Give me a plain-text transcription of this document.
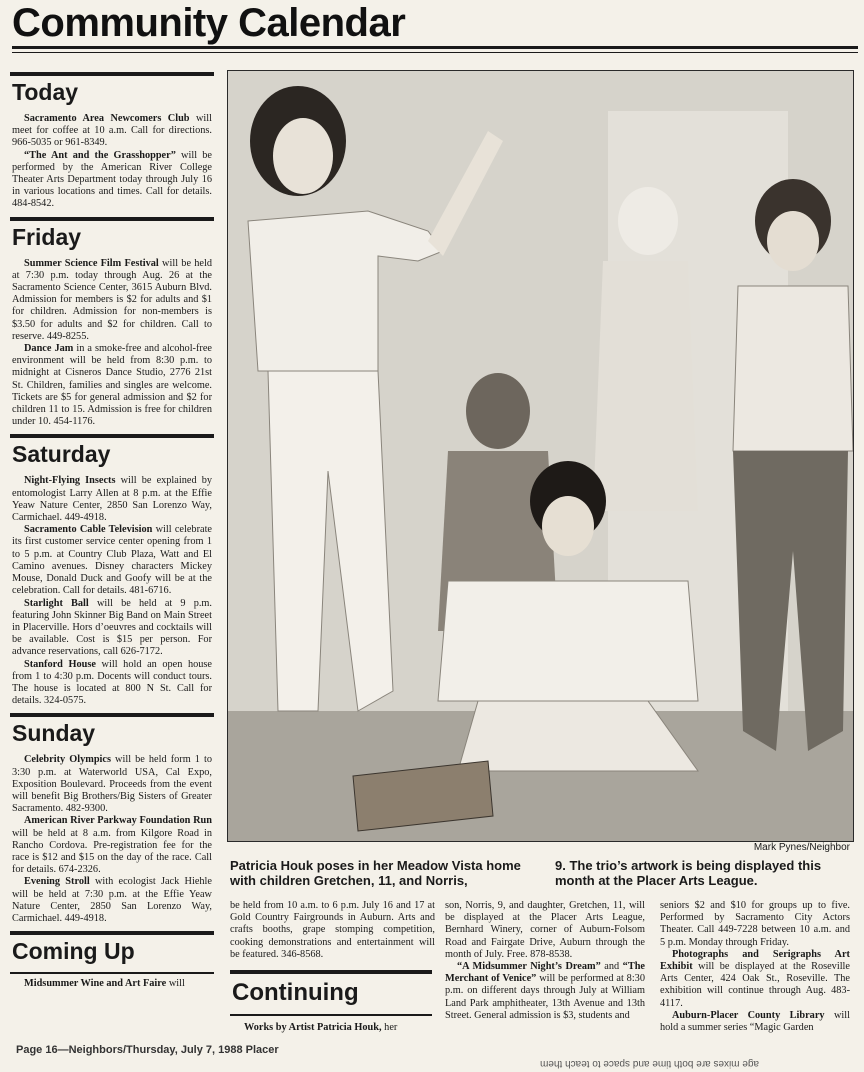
Community Calendar
Today
Sacramento Area Newcomers Club will meet for coffee at 10 a.m. Call for directions. 966-5035 or 961-8349.
“The Ant and the Grasshopper” will be performed by the American River College Theater Arts Department today through July 16 in various locations and times. Call for details. 484-8542.
Friday
Summer Science Film Festival will be held at 7:30 p.m. today through Aug. 26 at the Sacramento Science Center, 3615 Auburn Blvd. Admission for members is $2 for adults and $1 for children. Admission for non-members is $3.50 for adults and $2 for children. Call to reserve. 449-8255.
Dance Jam in a smoke-free and alcohol-free environment will be held from 8:30 p.m. to midnight at Cisneros Dance Studio, 2776 21st St. Children, families and singles are welcome. Tickets are $5 for general admission and $2 for children 11 to 15. Admission is free for children under 10. 454-1176.
Saturday
Night-Flying Insects will be explained by entomologist Larry Allen at 8 p.m. at the Effie Yeaw Nature Center, 2850 San Lorenzo Way, Carmichael. 449-4918.
Sacramento Cable Television will celebrate its first customer service center opening from 1 to 5 p.m. at Country Club Plaza, Watt and El Camino avenues. Disney characters Mickey Mouse, Donald Duck and Goofy will be at the celebration. Call for details. 481-6716.
Starlight Ball will be held at 9 p.m. featuring John Skinner Big Band on Main Street in Placerville. Hors d’oeuvres and cocktails will be available. Cost is $15 per person. For advance reservations, call 626-7172.
Stanford House will hold an open house from 1 to 4:30 p.m. Docents will conduct tours. The house is located at 800 N St. Call for details. 324-0575.
Sunday
Celebrity Olympics will be held form 1 to 3:30 p.m. at Waterworld USA, Cal Expo, Exposition Boulevard. Proceeds from the event will benefit Big Brothers/Big Sisters of Greater Sacramento. 482-9300.
American River Parkway Foundation Run will be held at 8 a.m. from Kilgore Road in Rancho Cordova. Pre-registration fee for the race is $12 and $15 on the day of the race. Call for details. 674-2326.
Evening Stroll with ecologist Jack Hiehle will be held at 7:30 p.m. at the Effie Yeaw Nature Center, 2850 San Lorenzo Way, Carmichael. 449-4918.
Coming Up
Midsummer Wine and Art Faire will
Mark Pynes/Neighbor
Patricia Houk poses in her Meadow Vista home with children Gretchen, 11, and Norris,
9. The trio’s artwork is being displayed this month at the Placer Arts League.

be held from 10 a.m. to 6 p.m. July 16 and 17 at Gold Country Fairgrounds in Auburn. Arts and crafts booths, grape stomping competition, cooking demonstrations and entertainment will be featured. 346-8568.

Continuing
Works by Artist Patricia Houk, her

son, Norris, 9, and daughter, Gretchen, 11, will be displayed at the Placer Arts League, Bernhard Winery, corner of Auburn-Folsom Road and Fairgate Drive, Auburn through the month of July. Free. 878-8538.

“A Midsummer Night’s Dream” and “The Merchant of Venice” will be performed at 8:30 p.m. on different days through July at William Land Park amphitheater, 13th Avenue and 13th Street. General admission is $3, students and

seniors $2 and $10 for groups up to five. Performed by Sacramento City Actors Theater. Call 449-7228 between 10 a.m. and 5 p.m. Monday through Friday.

Photographs and Serigraphs Art Exhibit will be displayed at the Roseville Arts Center, 424 Oak St., Roseville. The exhibition will continue through Aug. 483-4117.

Auburn-Placer County Library will hold a summer series “Magic Garden

Page 16—Neighbors/Thursday, July 7, 1988 Placer
age mixes are both time and space to teach them
